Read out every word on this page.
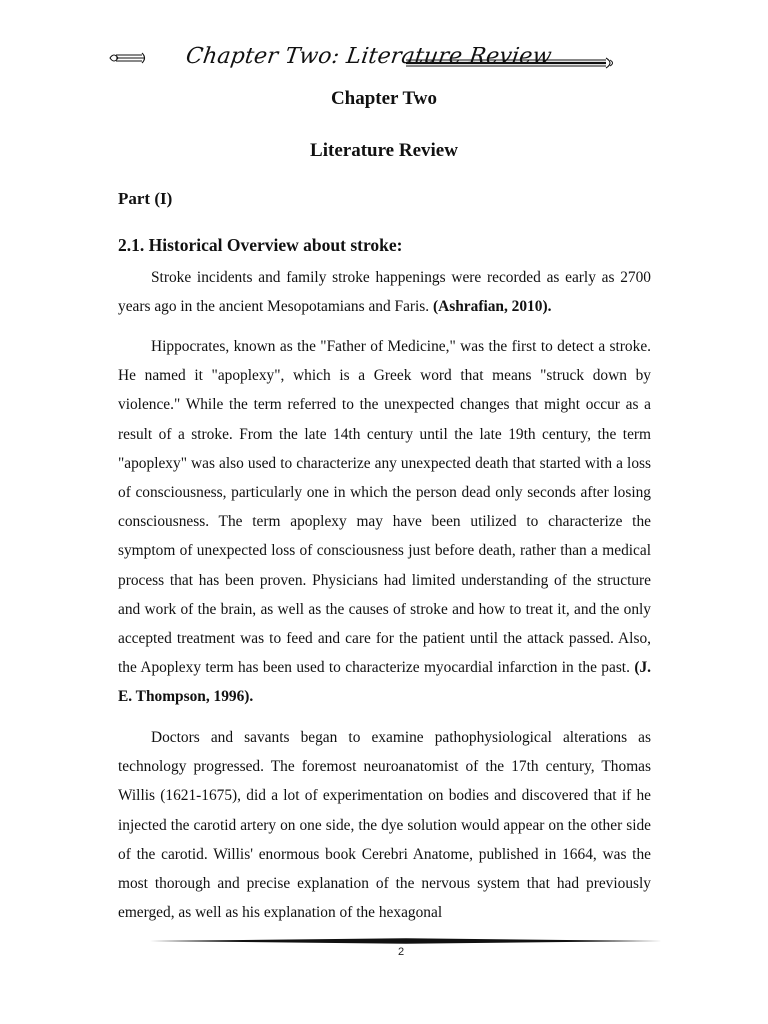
Chapter Two: Literature Review
Chapter Two
Literature Review
Part (I)
2.1. Historical Overview about stroke:

Stroke incidents and family stroke happenings were recorded as early as 2700 years ago in the ancient Mesopotamians and Faris. (Ashrafian, 2010).

Hippocrates, known as the "Father of Medicine," was the first to detect a stroke. He named it "apoplexy", which is a Greek word that means "struck down by violence." While the term referred to the unexpected changes that might occur as a result of a stroke. From the late 14th century until the late 19th century, the term "apoplexy" was also used to characterize any unexpected death that started with a loss of consciousness, particularly one in which the person dead only seconds after losing consciousness. The term apoplexy may have been utilized to characterize the symptom of unexpected loss of consciousness just before death, rather than a medical process that has been proven. Physicians had limited understanding of the structure and work of the brain, as well as the causes of stroke and how to treat it, and the only accepted treatment was to feed and care for the patient until the attack passed. Also, the Apoplexy term has been used to characterize myocardial infarction in the past. (J. E. Thompson, 1996).

Doctors and savants began to examine pathophysiological alterations as technology progressed. The foremost neuroanatomist of the 17th century, Thomas Willis (1621-1675), did a lot of experimentation on bodies and discovered that if he injected the carotid artery on one side, the dye solution would appear on the other side of the carotid. Willis' enormous book Cerebri Anatome, published in 1664, was the most thorough and precise explanation of the nervous system that had previously emerged, as well as his explanation of the hexagonal

2
